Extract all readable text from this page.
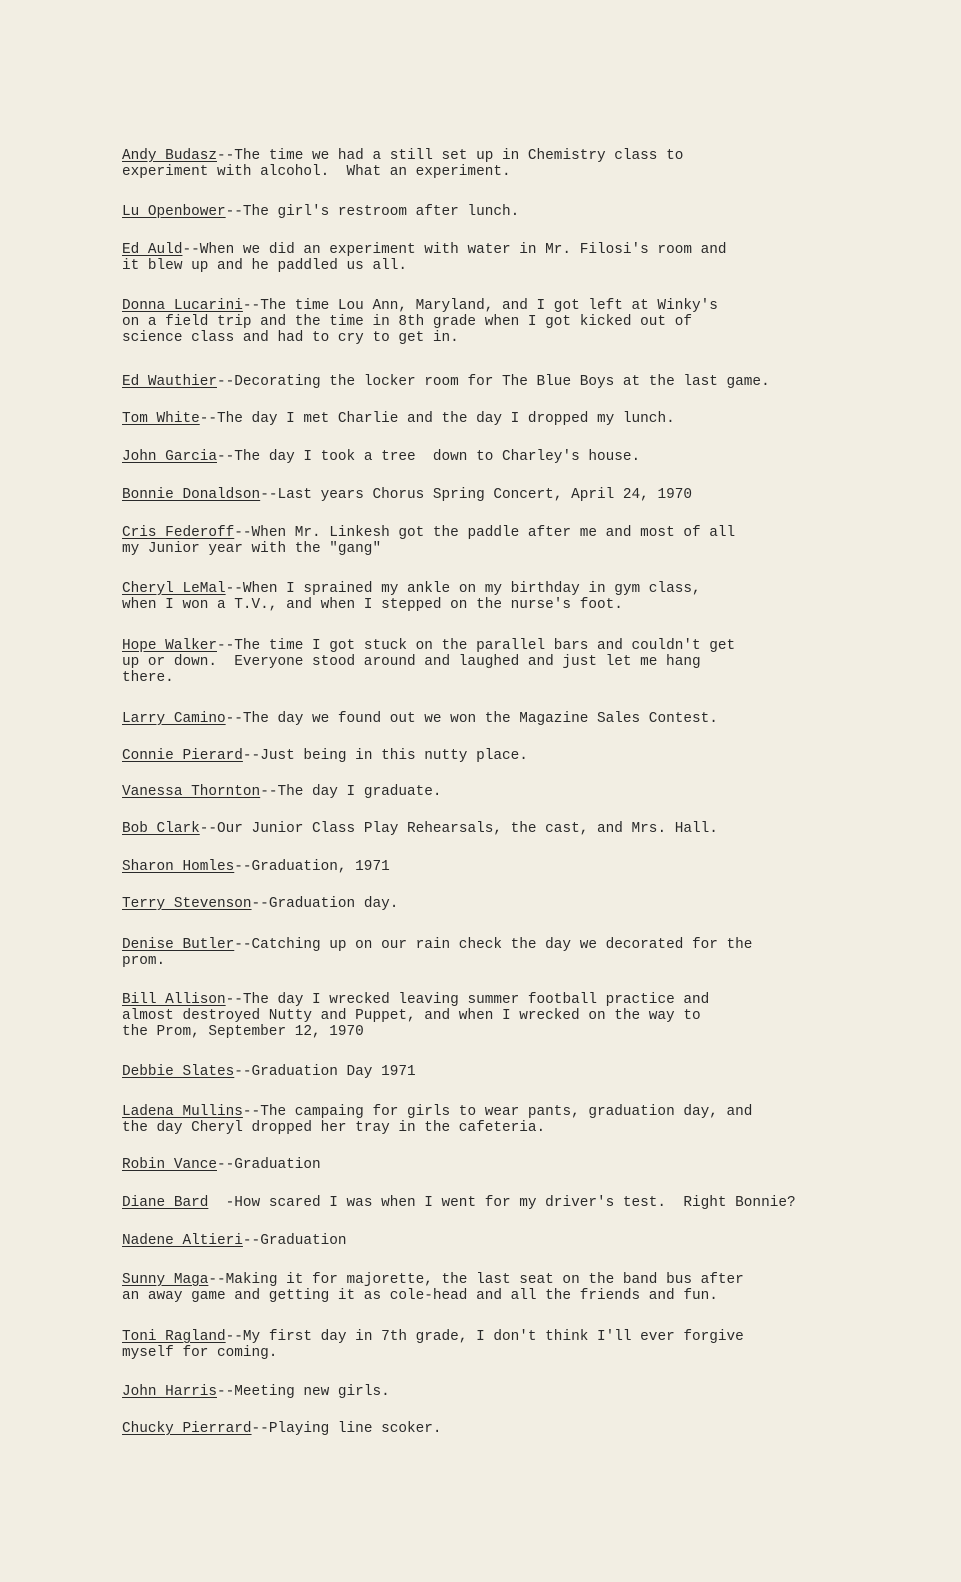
Andy Budasz--The time we had a still set up in Chemistry class to
experiment with alcohol.  What an experiment.
Lu Openbower--The girl's restroom after lunch.
Ed Auld--When we did an experiment with water in Mr. Filosi's room and
it blew up and he paddled us all.
Donna Lucarini--The time Lou Ann, Maryland, and I got left at Winky's
on a field trip and the time in 8th grade when I got kicked out of
science class and had to cry to get in.
Ed Wauthier--Decorating the locker room for The Blue Boys at the last game.
Tom White--The day I met Charlie and the day I dropped my lunch.
John Garcia--The day I took a tree  down to Charley's house.
Bonnie Donaldson--Last years Chorus Spring Concert, April 24, 1970
Cris Federoff--When Mr. Linkesh got the paddle after me and most of all
my Junior year with the "gang"
Cheryl LeMal--When I sprained my ankle on my birthday in gym class,
when I won a T.V., and when I stepped on the nurse's foot.
Hope Walker--The time I got stuck on the parallel bars and couldn't get
up or down.  Everyone stood around and laughed and just let me hang
there.
Larry Camino--The day we found out we won the Magazine Sales Contest.
Connie Pierard--Just being in this nutty place.
Vanessa Thornton--The day I graduate.
Bob Clark--Our Junior Class Play Rehearsals, the cast, and Mrs. Hall.
Sharon Homles--Graduation, 1971
Terry Stevenson--Graduation day.
Denise Butler--Catching up on our rain check the day we decorated for the
prom.
Bill Allison--The day I wrecked leaving summer football practice and
almost destroyed Nutty and Puppet, and when I wrecked on the way to
the Prom, September 12, 1970
Debbie Slates--Graduation Day 1971
Ladena Mullins--The campaing for girls to wear pants, graduation day, and
the day Cheryl dropped her tray in the cafeteria.
Robin Vance--Graduation
Diane Bard  -How scared I was when I went for my driver's test.  Right Bonnie?
Nadene Altieri--Graduation
Sunny Maga--Making it for majorette, the last seat on the band bus after
an away game and getting it as cole-head and all the friends and fun.
Toni Ragland--My first day in 7th grade, I don't think I'll ever forgive
myself for coming.
John Harris--Meeting new girls.
Chucky Pierrard--Playing line scoker.
